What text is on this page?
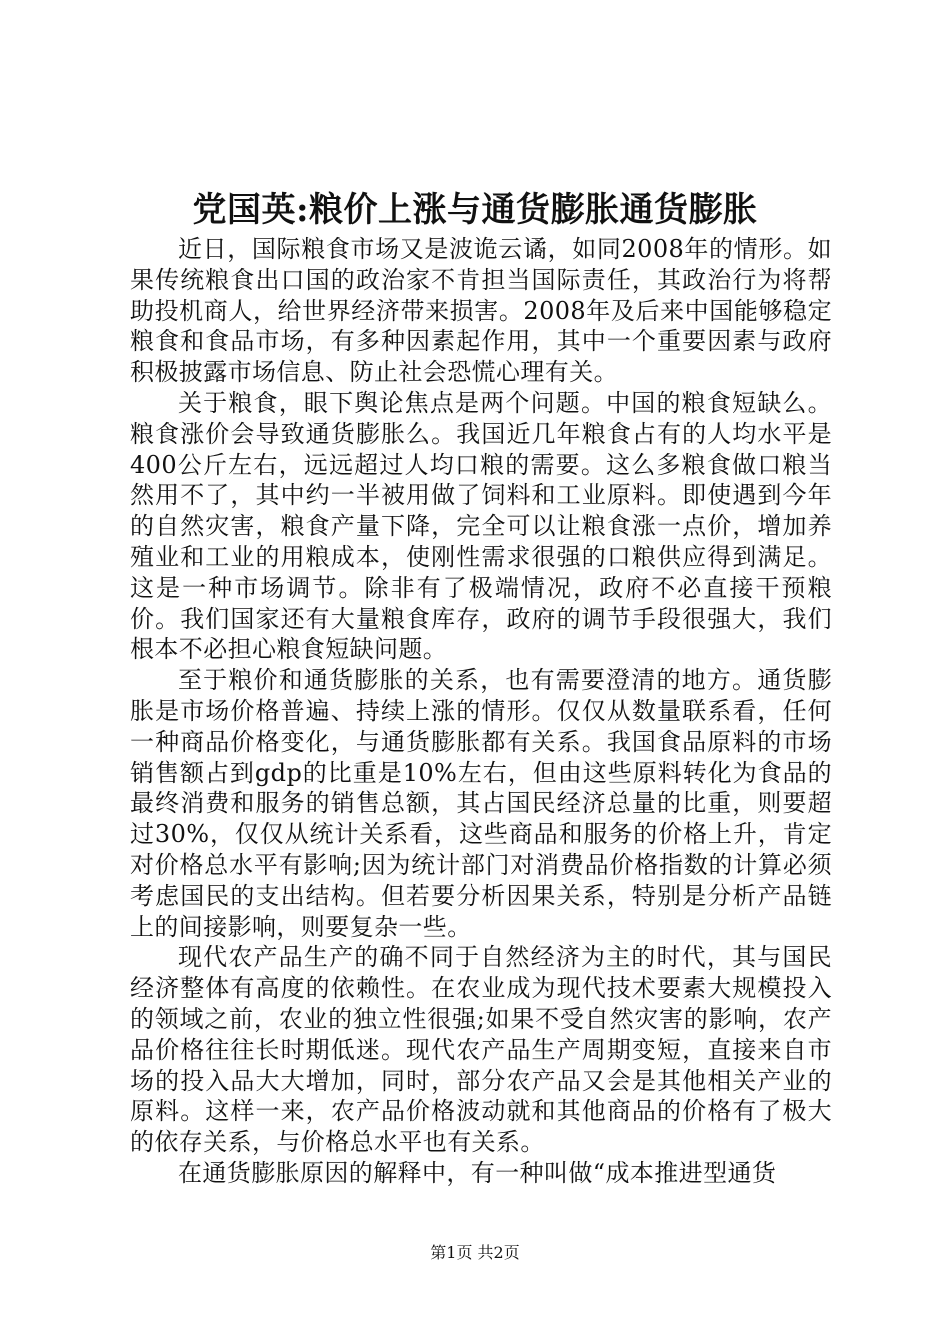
党国英:粮价上涨与通货膨胀通货膨胀

近日，国际粮食市场又是波诡云谲，如同2008年的情形。如果传统粮食出口国的政治家不肯担当国际责任，其政治行为将帮助投机商人，给世界经济带来损害。2008年及后来中国能够稳定粮食和食品市场，有多种因素起作用，其中一个重要因素与政府积极披露市场信息、防止社会恐慌心理有关。

关于粮食，眼下舆论焦点是两个问题。中国的粮食短缺么。粮食涨价会导致通货膨胀么。我国近几年粮食占有的人均水平是400公斤左右，远远超过人均口粮的需要。这么多粮食做口粮当然用不了，其中约一半被用做了饲料和工业原料。即使遇到今年的自然灾害，粮食产量下降，完全可以让粮食涨一点价，增加养殖业和工业的用粮成本，使刚性需求很强的口粮供应得到满足。这是一种市场调节。除非有了极端情况，政府不必直接干预粮价。我们国家还有大量粮食库存，政府的调节手段很强大，我们根本不必担心粮食短缺问题。

至于粮价和通货膨胀的关系，也有需要澄清的地方。通货膨胀是市场价格普遍、持续上涨的情形。仅仅从数量联系看，任何一种商品价格变化，与通货膨胀都有关系。我国食品原料的市场销售额占到gdp的比重是10%左右，但由这些原料转化为食品的最终消费和服务的销售总额，其占国民经济总量的比重，则要超过30%，仅仅从统计关系看，这些商品和服务的价格上升，肯定对价格总水平有影响;因为统计部门对消费品价格指数的计算必须考虑国民的支出结构。但若要分析因果关系，特别是分析产品链上的间接影响，则要复杂一些。

现代农产品生产的确不同于自然经济为主的时代，其与国民经济整体有高度的依赖性。在农业成为现代技术要素大规模投入的领域之前，农业的独立性很强;如果不受自然灾害的影响，农产品价格往往长时期低迷。现代农产品生产周期变短，直接来自市场的投入品大大增加，同时，部分农产品又会是其他相关产业的原料。这样一来，农产品价格波动就和其他商品的价格有了极大的依存关系，与价格总水平也有关系。

在通货膨胀原因的解释中，有一种叫做“成本推进型通货

第1页 共2页
